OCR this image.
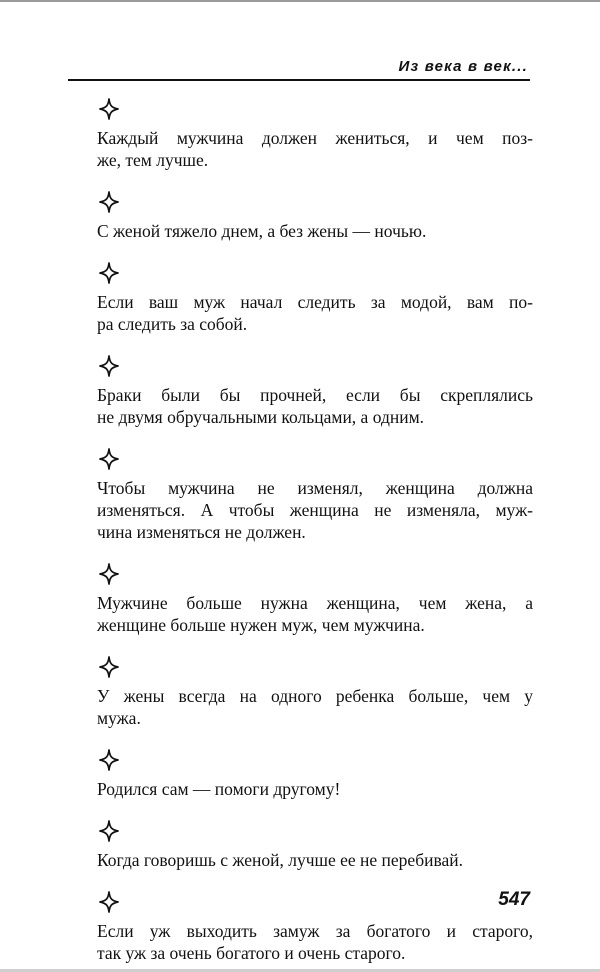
Из века в век...

Каждый мужчина должен жениться, и чем поз-
же, тем лучше.

С женой тяжело днем, а без жены — ночью.

Если ваш муж начал следить за модой, вам по-
ра следить за собой.

Браки были бы прочней, если бы скреплялись
не двумя обручальными кольцами, а одним.

Чтобы мужчина не изменял, женщина должна
изменяться. А чтобы женщина не изменяла, муж-
чина изменяться не должен.

Мужчине больше нужна женщина, чем жена, а
женщине больше нужен муж, чем мужчина.

У жены всегда на одного ребенка больше, чем у
мужа.

Родился сам — помоги другому!

Когда говоришь с женой, лучше ее не перебивай.

Если уж выходить замуж за богатого и старого,
так уж за очень богатого и очень старого.

547
